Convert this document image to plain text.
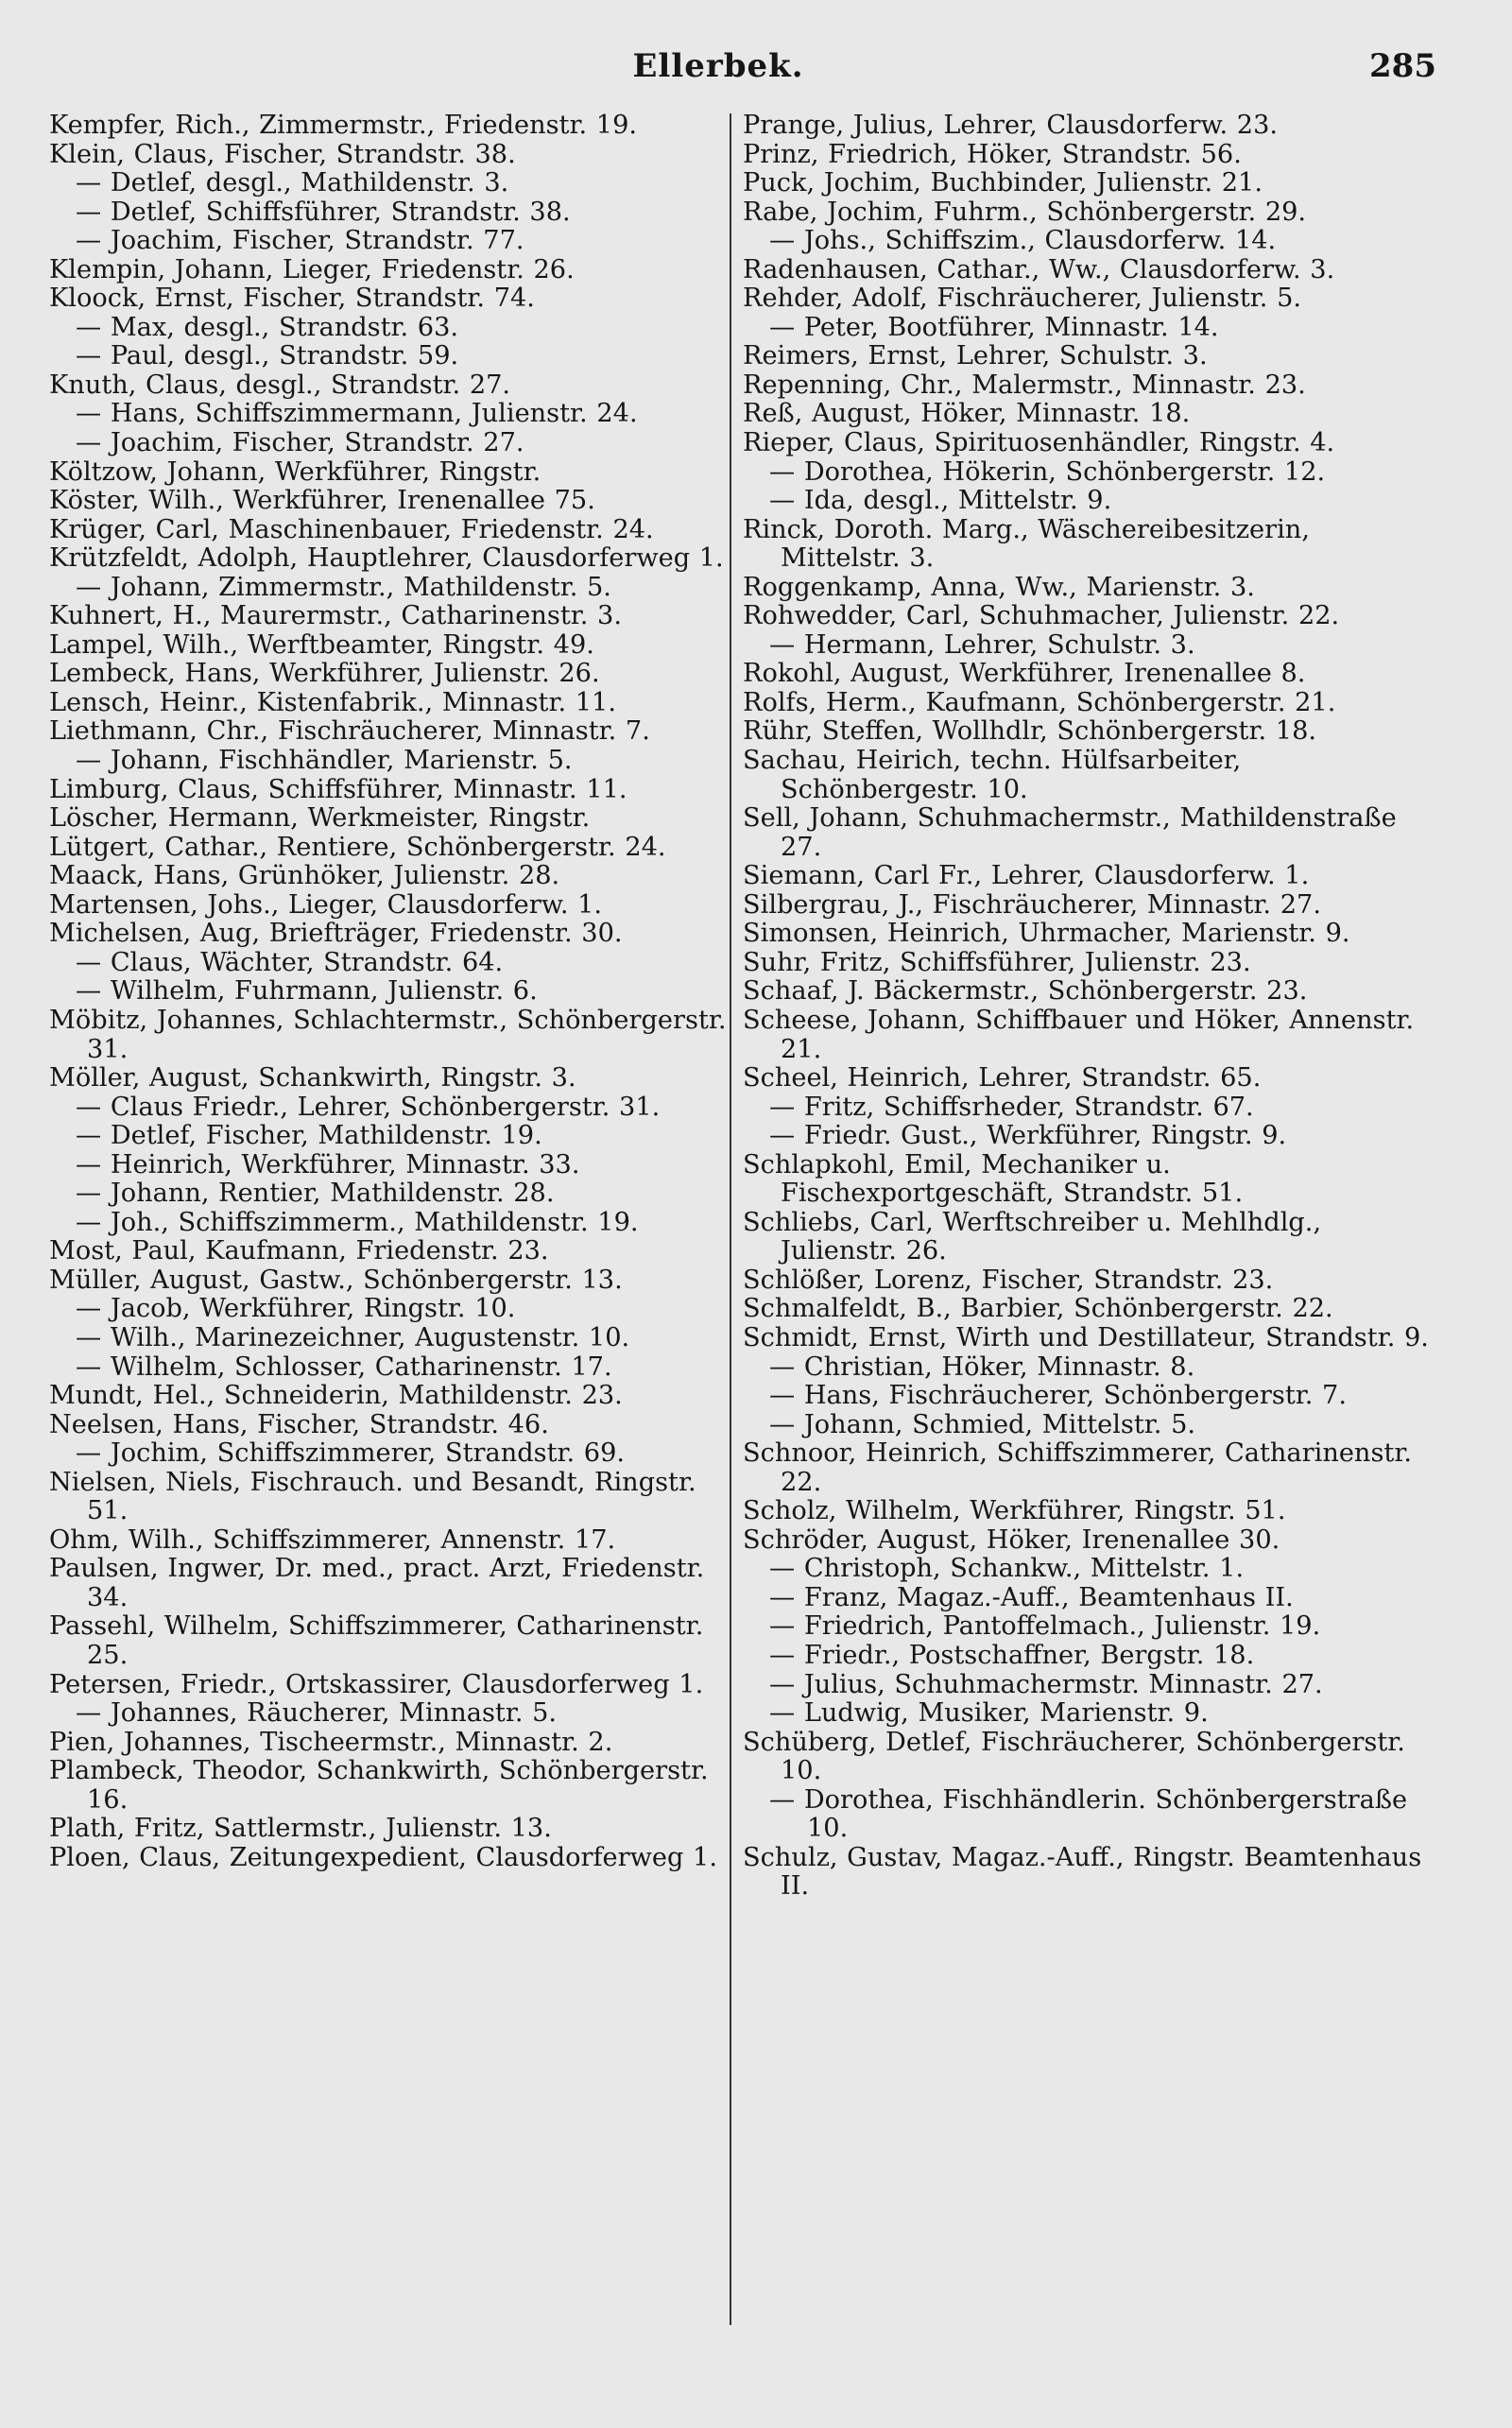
Ellerbek.	285
Kempfer, Rich., Zimmermstr., Friedenstr. 19.
Klein, Claus, Fischer, Strandstr. 38.
— Detlef, desgl., Mathildenstr. 3.
— Detlef, Schiffsführer, Strandstr. 38.
— Joachim, Fischer, Strandstr. 77.
Klempin, Johann, Lieger, Friedenstr. 26.
Kloock, Ernst, Fischer, Strandstr. 74.
— Max, desgl., Strandstr. 63.
— Paul, desgl., Strandstr. 59.
Knuth, Claus, desgl., Strandstr. 27.
— Hans, Schiffszimmermann, Julienstr. 24.
— Joachim, Fischer, Strandstr. 27.
Költzow, Johann, Werkführer, Ringstr.
Köster, Wilh., Werkführer, Irenenallee 75.
Krüger, Carl, Maschinenbauer, Friedenstr. 24.
Krützfeldt, Adolph, Hauptlehrer, Clausdorferweg 1.
— Johann, Zimmermstr., Mathildenstr. 5.
Kuhnert, H., Maurermstr., Catharinenstr. 3.
Lampel, Wilh., Werftbeamter, Ringstr. 49.
Lembeck, Hans, Werkführer, Julienstr. 26.
Lensch, Heinr., Kistenfabrik., Minnastr. 11.
Liethmann, Chr., Fischräucherer, Minnastr. 7.
— Johann, Fischhändler, Marienstr. 5.
Limburg, Claus, Schiffsführer, Minnastr. 11.
Löscher, Hermann, Werkmeister, Ringstr.
Lütgert, Cathar., Rentiere, Schönbergerstr. 24.
Maack, Hans, Grünhöker, Julienstr. 28.
Martensen, Johs., Lieger, Clausdorferw. 1.
Michelsen, Aug, Briefträger, Friedenstr. 30.
— Claus, Wächter, Strandstr. 64.
— Wilhelm, Fuhrmann, Julienstr. 6.
Möbitz, Johannes, Schlachtermstr., Schönbergerstr. 31.
Möller, August, Schankwirth, Ringstr. 3.
— Claus Friedr., Lehrer, Schönbergerstr. 31.
— Detlef, Fischer, Mathildenstr. 19.
— Heinrich, Werkführer, Minnastr. 33.
— Johann, Rentier, Mathildenstr. 28.
— Joh., Schiffszimmerm., Mathildenstr. 19.
Most, Paul, Kaufmann, Friedenstr. 23.
Müller, August, Gastw., Schönbergerstr. 13.
— Jacob, Werkführer, Ringstr. 10.
— Wilh., Marinezeichner, Augustenstr. 10.
— Wilhelm, Schlosser, Catharinenstr. 17.
Mundt, Hel., Schneiderin, Mathildenstr. 23.
Neelsen, Hans, Fischer, Strandstr. 46.
— Jochim, Schiffszimmerer, Strandstr. 69.
Nielsen, Niels, Fischrauch. und Besandt, Ringstr. 51.
Ohm, Wilh., Schiffszimmerer, Annenstr. 17.
Paulsen, Ingwer, Dr. med., pract. Arzt, Friedenstr. 34.
Passehl, Wilhelm, Schiffszimmerer, Catharinenstr. 25.
Petersen, Friedr., Ortskassirer, Clausdorferweg 1.
— Johannes, Räucherer, Minnastr. 5.
Pien, Johannes, Tischeermstr., Minnastr. 2.
Plambeck, Theodor, Schankwirth, Schönbergerstr. 16.
Plath, Fritz, Sattlermstr., Julienstr. 13.
Ploen, Claus, Zeitungexpedient, Clausdorferweg 1.
Prange, Julius, Lehrer, Clausdorferw. 23.
Prinz, Friedrich, Höker, Strandstr. 56.
Puck, Jochim, Buchbinder, Julienstr. 21.
Rabe, Jochim, Fuhrm., Schönbergerstr. 29.
— Johs., Schiffszim., Clausdorferw. 14.
Radenhausen, Cathar., Ww., Clausdorferw. 3.
Rehder, Adolf, Fischräucherer, Julienstr. 5.
— Peter, Bootführer, Minnastr. 14.
Reimers, Ernst, Lehrer, Schulstr. 3.
Repenning, Chr., Malermstr., Minnastr. 23.
Reß, August, Höker, Minnastr. 18.
Rieper, Claus, Spirituosenhändler, Ringstr. 4.
— Dorothea, Hökerin, Schönbergerstr. 12.
— Ida, desgl., Mittelstr. 9.
Rinck, Doroth. Marg., Wäschereibesitzerin, Mittelstr. 3.
Roggenkamp, Anna, Ww., Marienstr. 3.
Rohwedder, Carl, Schuhmacher, Julienstr. 22.
— Hermann, Lehrer, Schulstr. 3.
Rokohl, August, Werkführer, Irenenallee 8.
Rolfs, Herm., Kaufmann, Schönbergerstr. 21.
Rühr, Steffen, Wollhdlr, Schönbergerstr. 18.
Sachau, Heirich, techn. Hülfsarbeiter, Schönbergestr. 10.
Sell, Johann, Schuhmachermstr., Mathildenstraße 27.
Siemann, Carl Fr., Lehrer, Clausdorferw. 1.
Silbergrau, J., Fischräucherer, Minnastr. 27.
Simonsen, Heinrich, Uhrmacher, Marienstr. 9.
Suhr, Fritz, Schiffsführer, Julienstr. 23.
Schaaf, J. Bäckermstr., Schönbergerstr. 23.
Scheese, Johann, Schiffbauer und Höker, Annenstr. 21.
Scheel, Heinrich, Lehrer, Strandstr. 65.
— Fritz, Schiffsrheder, Strandstr. 67.
— Friedr. Gust., Werkführer, Ringstr. 9.
Schlapkohl, Emil, Mechaniker u. Fischexportgeschäft, Strandstr. 51.
Schliebs, Carl, Werftschreiber u. Mehlhdlg., Julienstr. 26.
Schlößer, Lorenz, Fischer, Strandstr. 23.
Schmalfeldt, B., Barbier, Schönbergerstr. 22.
Schmidt, Ernst, Wirth und Destillateur, Strandstr. 9.
— Christian, Höker, Minnastr. 8.
— Hans, Fischräucherer, Schönbergerstr. 7.
— Johann, Schmied, Mittelstr. 5.
Schnoor, Heinrich, Schiffszimmerer, Catharinenstr. 22.
Scholz, Wilhelm, Werkführer, Ringstr. 51.
Schröder, August, Höker, Irenenallee 30.
— Christoph, Schankw., Mittelstr. 1.
— Franz, Magaz.-Auff., Beamtenhaus II.
— Friedrich, Pantoffelmach., Julienstr. 19.
— Friedr., Postschaffner, Bergstr. 18.
— Julius, Schuhmachermstr. Minnastr. 27.
— Ludwig, Musiker, Marienstr. 9.
Schüberg, Detlef, Fischräucherer, Schönbergerstr. 10.
— Dorothea, Fischhändlerin. Schönbergerstraße 10.
Schulz, Gustav, Magaz.-Auff., Ringstr. Beamtenhaus II.
